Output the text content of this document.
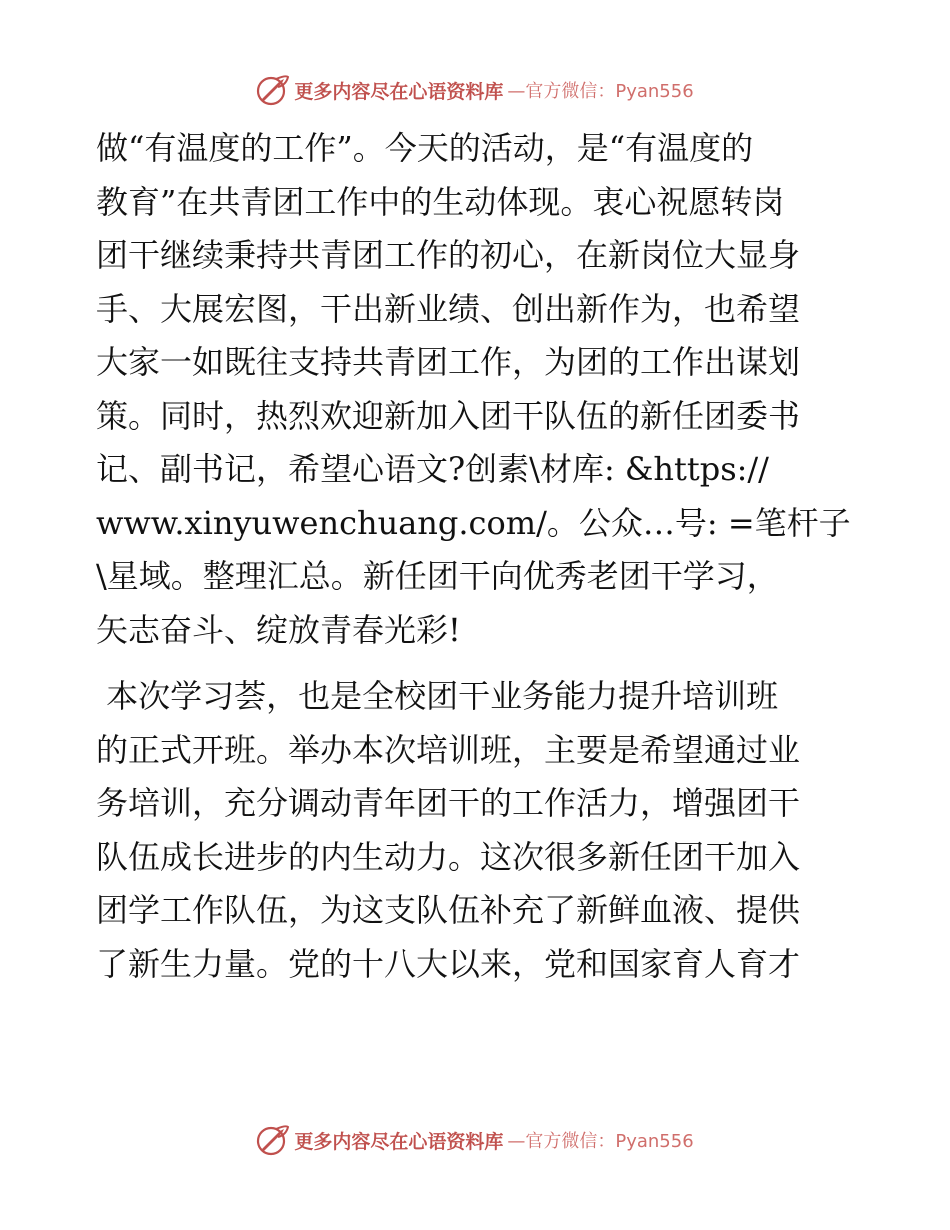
更多内容尽在心语资料库 —官方微信：Pyan556
做“有温度的工作”。今天的活动，是“有温度的
教育”在共青团工作中的生动体现。衷心祝愿转岗
团干继续秉持共青团工作的初心，在新岗位大显身
手、大展宏图，干出新业绩、创出新作为，也希望
大家一如既往支持共青团工作，为团的工作出谋划
策。同时，热烈欢迎新加入团干队伍的新任团委书
记、副书记，希望心语文?创素\材库: &https://
www.xinyuwenchuang.com/。公众…号: =笔杆子
\星域。整理汇总。新任团干向优秀老团干学习，
矢志奋斗、绽放青春光彩!
本次学习荟，也是全校团干业务能力提升培训班
的正式开班。举办本次培训班，主要是希望通过业
务培训，充分调动青年团干的工作活力，增强团干
队伍成长进步的内生动力。这次很多新任团干加入
团学工作队伍，为这支队伍补充了新鲜血液、提供
了新生力量。党的十八大以来，党和国家育人育才
更多内容尽在心语资料库 —官方微信：Pyan556
